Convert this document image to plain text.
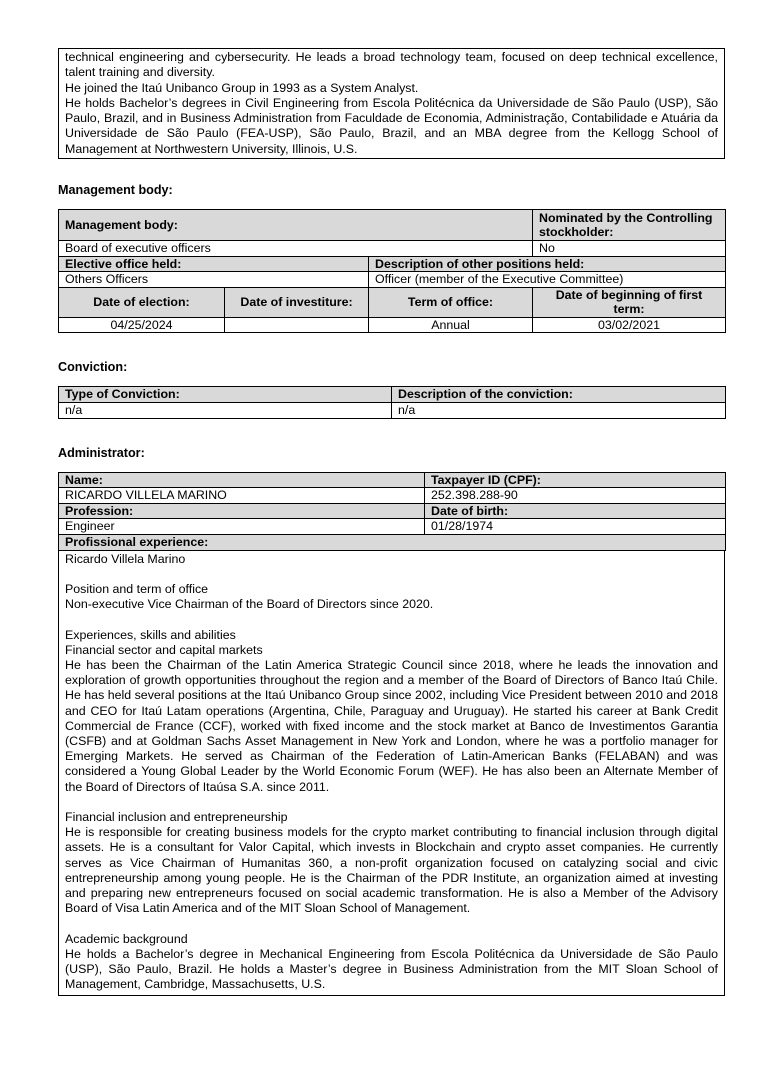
technical engineering and cybersecurity. He leads a broad technology team, focused on deep technical excellence, talent training and diversity.

He joined the Itaú Unibanco Group in 1993 as a System Analyst.

He holds Bachelor’s degrees in Civil Engineering from Escola Politécnica da Universidade de São Paulo (USP), São Paulo, Brazil, and in Business Administration from Faculdade de Economia, Administração, Contabilidade e Atuária da Universidade de São Paulo (FEA-USP), São Paulo, Brazil, and an MBA degree from the Kellogg School of Management at Northwestern University, Illinois, U.S.

Management body:
Management body:			Nominated by the Controlling stockholder:
Board of executive officers			No
Elective office held:		Description of other positions held:	
Others Officers		Officer (member of the Executive Committee)	
Date of election:	Date of investiture:	Term of office:	Date of beginning of first term:
04/25/2024		Annual	03/02/2021
Conviction:
Type of Conviction:	Description of the conviction:
n/a	n/a
Administrator:
Name:	Taxpayer ID (CPF):
RICARDO VILLELA MARINO	252.398.288-90
Profession:	Date of birth:
Engineer	01/28/1974
Profissional experience:	

Ricardo Villela Marino

Position and term of office

Non-executive Vice Chairman of the Board of Directors since 2020.

Experiences, skills and abilities

Financial sector and capital markets

He has been the Chairman of the Latin America Strategic Council since 2018, where he leads the innovation and exploration of growth opportunities throughout the region and a member of the Board of Directors of Banco Itaú Chile. He has held several positions at the Itaú Unibanco Group since 2002, including Vice President between 2010 and 2018 and CEO for Itaú Latam operations (Argentina, Chile, Paraguay and Uruguay). He started his career at Bank Credit Commercial de France (CCF), worked with fixed income and the stock market at Banco de Investimentos Garantia (CSFB) and at Goldman Sachs Asset Management in New York and London, where he was a portfolio manager for Emerging Markets. He served as Chairman of the Federation of Latin-American Banks (FELABAN) and was considered a Young Global Leader by the World Economic Forum (WEF). He has also been an Alternate Member of the Board of Directors of Itaúsa S.A. since 2011.

Financial inclusion and entrepreneurship

He is responsible for creating business models for the crypto market contributing to financial inclusion through digital assets. He is a consultant for Valor Capital, which invests in Blockchain and crypto asset companies. He currently serves as Vice Chairman of Humanitas 360, a non-profit organization focused on catalyzing social and civic entrepreneurship among young people. He is the Chairman of the PDR Institute, an organization aimed at investing and preparing new entrepreneurs focused on social academic transformation. He is also a Member of the Advisory Board of Visa Latin America and of the MIT Sloan School of Management.

Academic background

He holds a Bachelor’s degree in Mechanical Engineering from Escola Politécnica da Universidade de São Paulo (USP), São Paulo, Brazil. He holds a Master’s degree in Business Administration from the MIT Sloan School of Management, Cambridge, Massachusetts, U.S.
